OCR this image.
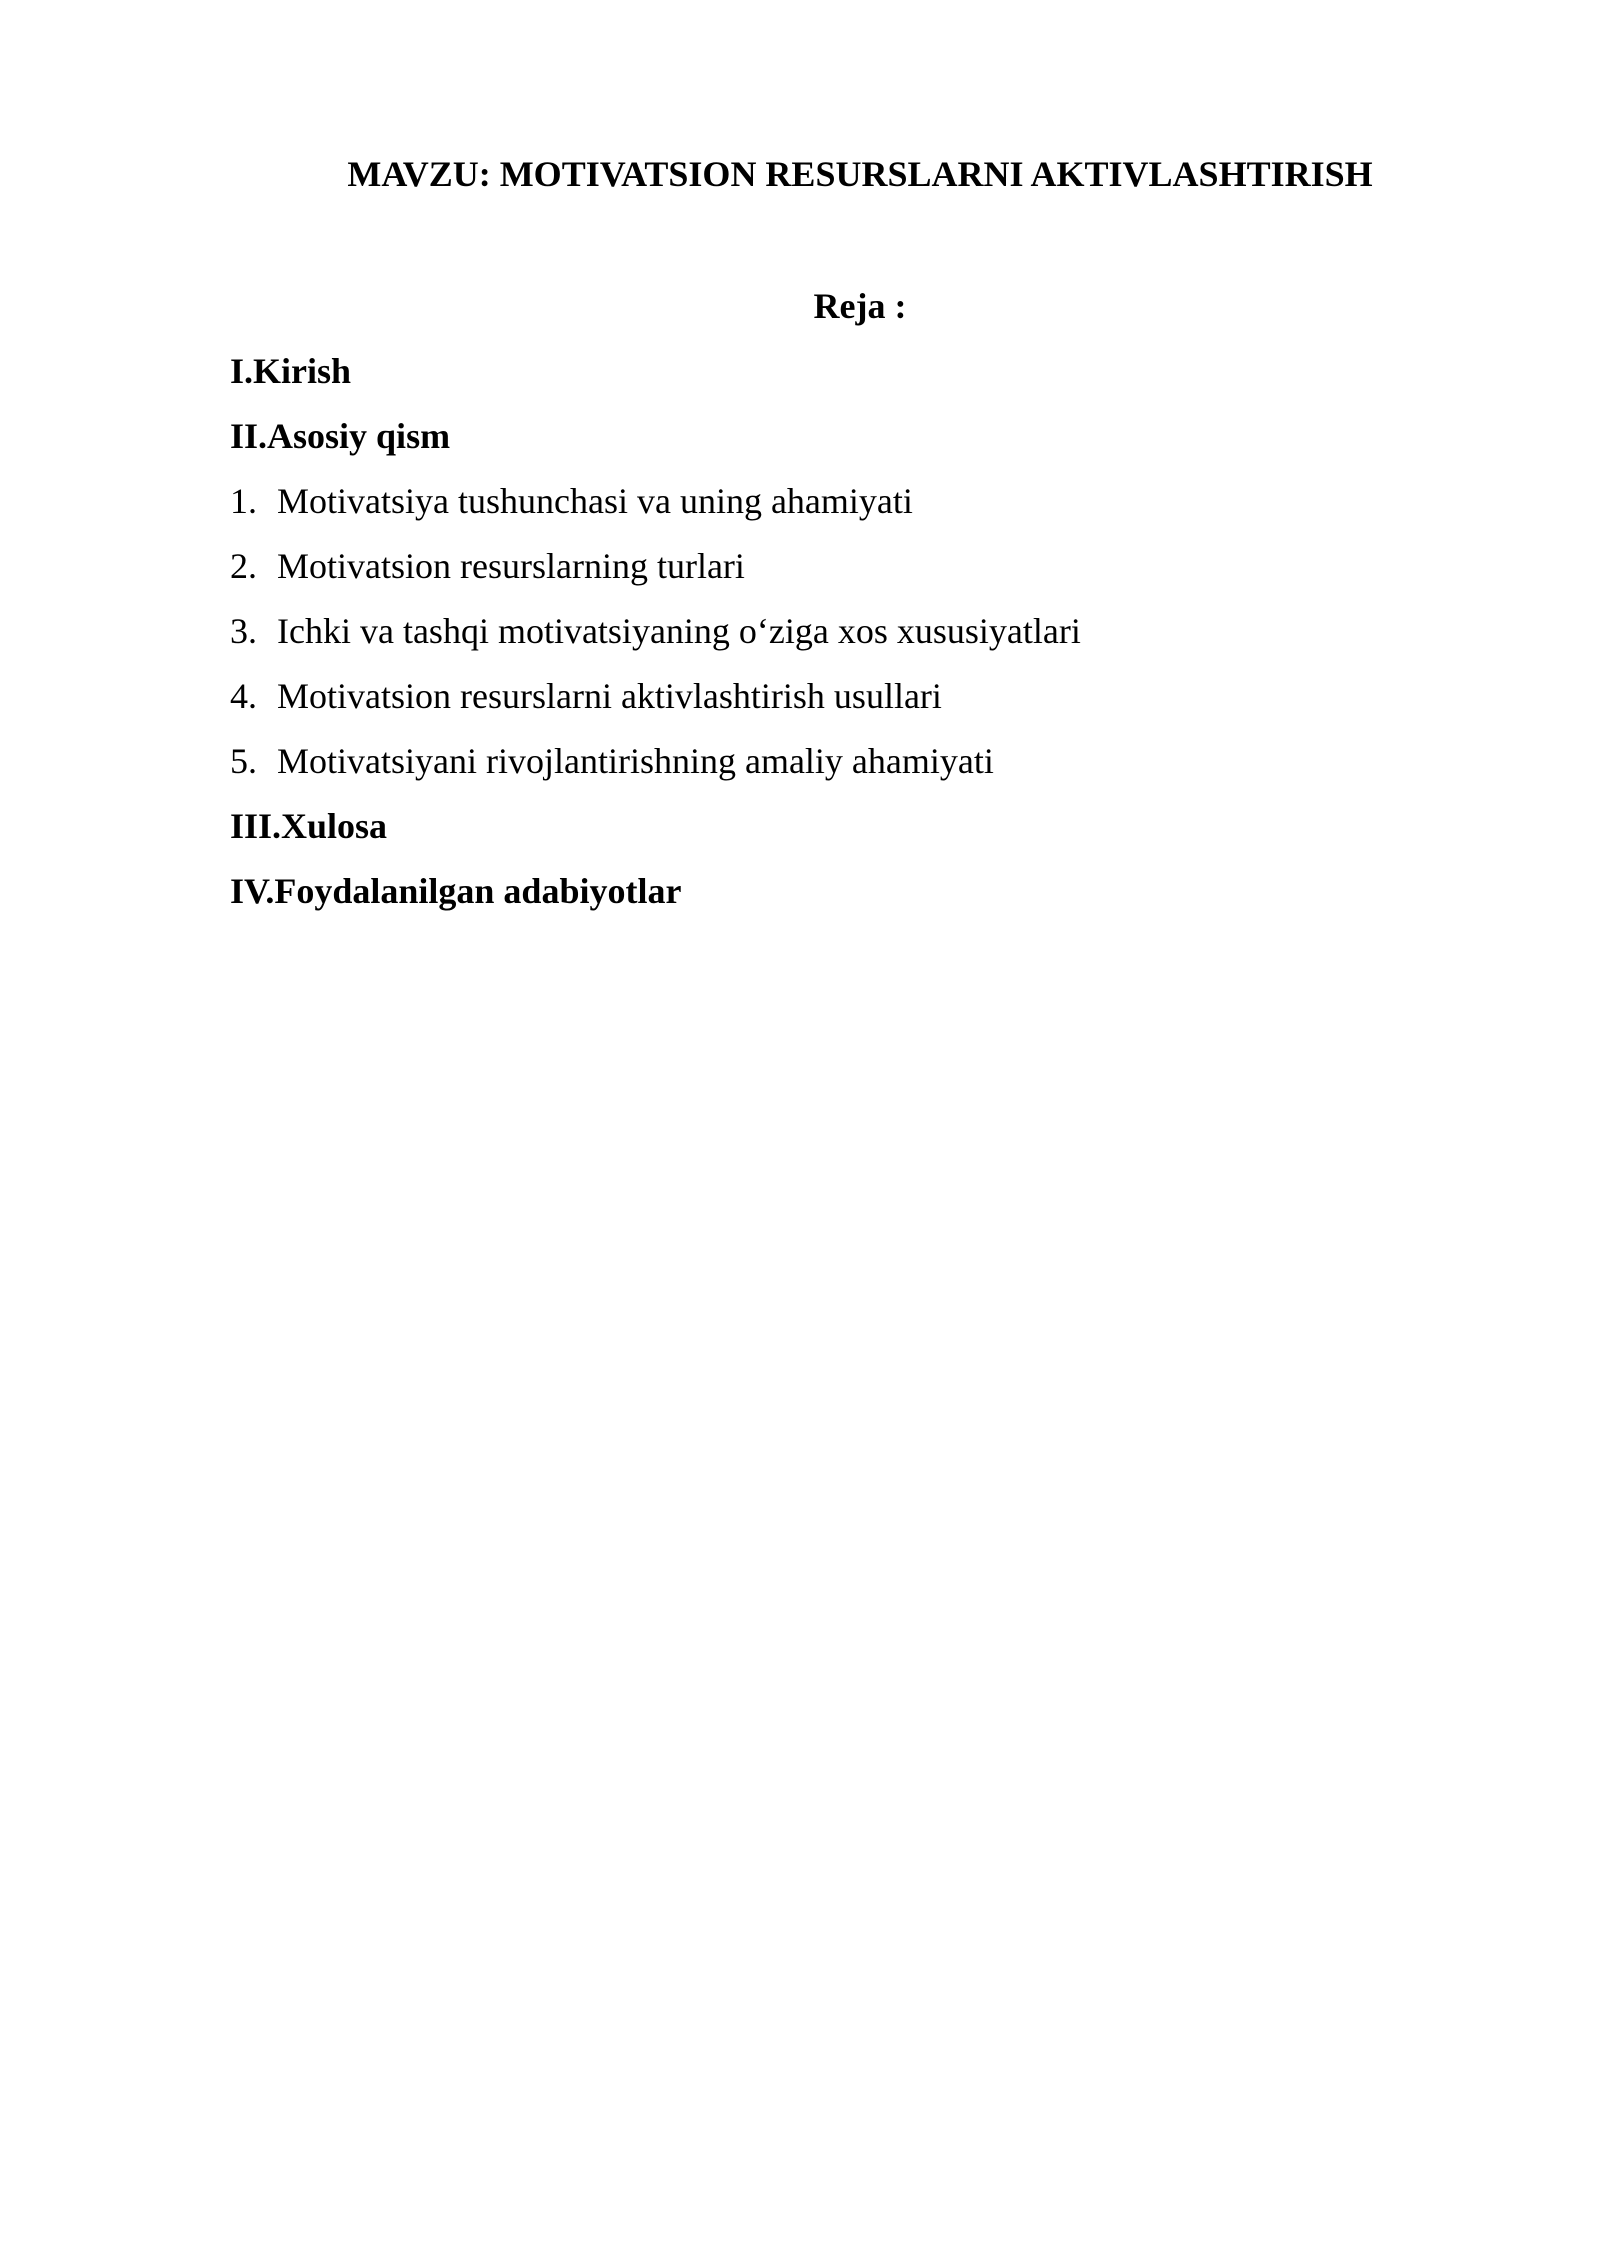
MAVZU: MOTIVATSION RESURSLARNI AKTIVLASHTIRISH
Reja :
I.Kirish
II.Asosiy qism
1. Motivatsiya tushunchasi va uning ahamiyati
2. Motivatsion resurslarning turlari
3. Ichki va tashqi motivatsiyaning o‘ziga xos xususiyatlari
4. Motivatsion resurslarni aktivlashtirish usullari
5. Motivatsiyani rivojlantirishning amaliy ahamiyati
III.Xulosa
IV.Foydalanilgan adabiyotlar
